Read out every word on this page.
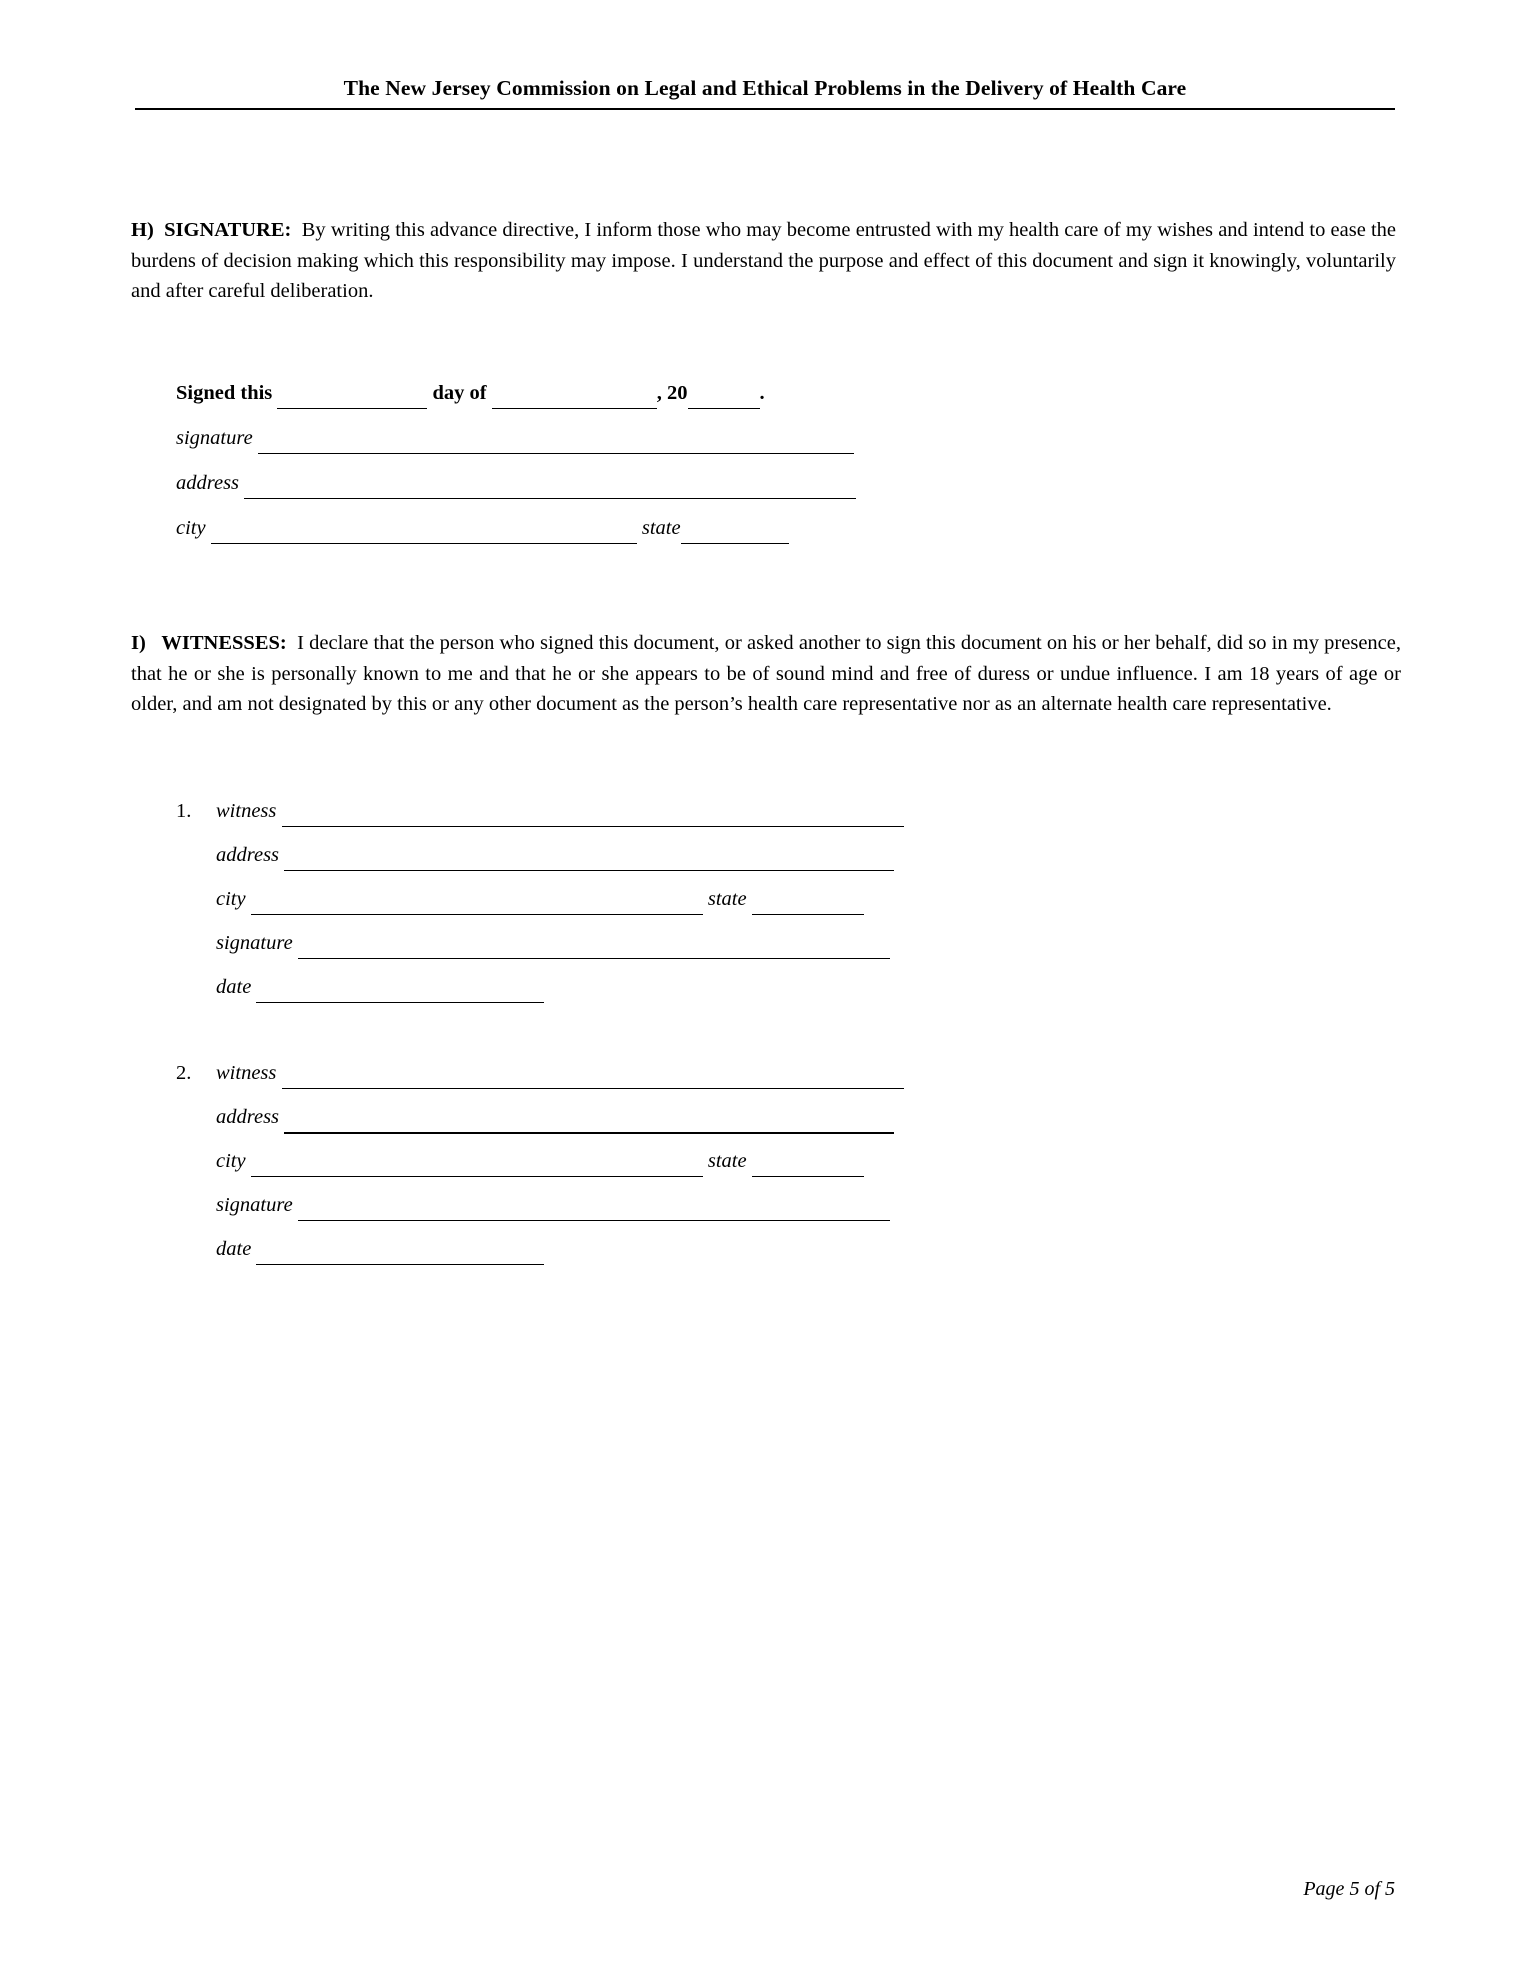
The New Jersey Commission on Legal and Ethical Problems in the Delivery of Health Care
H) SIGNATURE: By writing this advance directive, I inform those who may become entrusted with my health care of my wishes and intend to ease the burdens of decision making which this responsibility may impose. I understand the purpose and effect of this document and sign it knowingly, voluntarily and after careful deliberation.
Signed this	day of	, 20	.
signature
address
city	state
I) WITNESSES: I declare that the person who signed this document, or asked another to sign this document on his or her behalf, did so in my presence, that he or she is personally known to me and that he or she appears to be of sound mind and free of duress or undue influence. I am 18 years of age or older, and am not designated by this or any other document as the person’s health care representative nor as an alternate health care representative.
1.	witness
address
city	state
signature
date
2.	witness
address
city	state
signature
date
Page 5 of 5
